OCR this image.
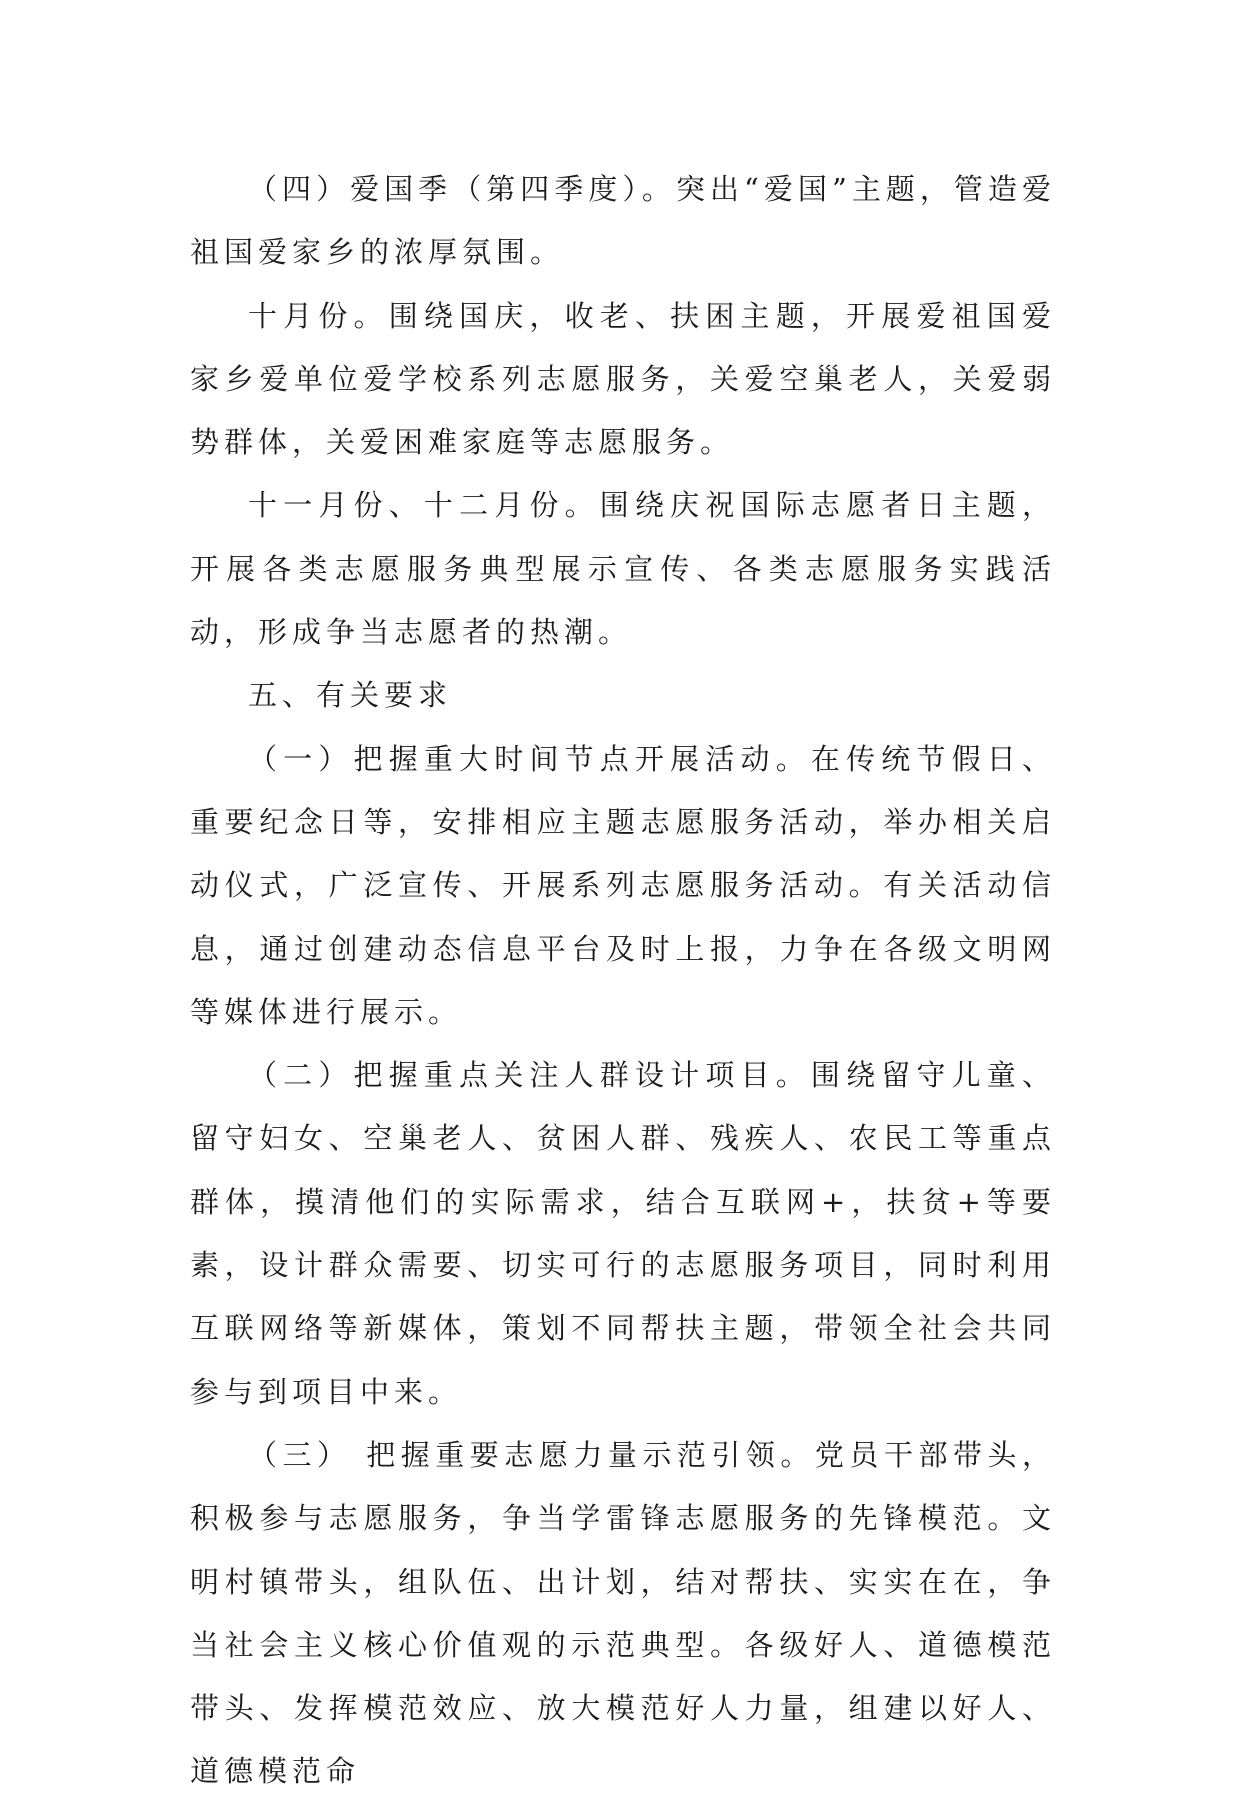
（四）爱国季（第四季度）。突出“爱国”主题，管造爱祖国爱家乡的浓厚氛围。

十月份。围绕国庆，收老、扶困主题，开展爱祖国爱家乡爱单位爱学校系列志愿服务，关爱空巢老人，关爱弱势群体，关爱困难家庭等志愿服务。

十一月份、十二月份。围绕庆祝国际志愿者日主题，开展各类志愿服务典型展示宣传、各类志愿服务实践活动，形成争当志愿者的热潮。

五、有关要求

（一）把握重大时间节点开展活动。在传统节假日、重要纪念日等，安排相应主题志愿服务活动，举办相关启动仪式，广泛宣传、开展系列志愿服务活动。有关活动信息，通过创建动态信息平台及时上报，力争在各级文明网等媒体进行展示。

（二）把握重点关注人群设计项目。围绕留守儿童、留守妇女、空巢老人、贫困人群、残疾人、农民工等重点群体，摸清他们的实际需求，结合互联网+，扶贫+等要素，设计群众需要、切实可行的志愿服务项目，同时利用互联网络等新媒体，策划不同帮扶主题，带领全社会共同参与到项目中来。

（三） 把握重要志愿力量示范引领。党员干部带头，积极参与志愿服务，争当学雷锋志愿服务的先锋模范。文明村镇带头，组队伍、出计划，结对帮扶、实实在在，争当社会主义核心价值观的示范典型。各级好人、道德模范带头、发挥模范效应、放大模范好人力量，组建以好人、道德模范命
